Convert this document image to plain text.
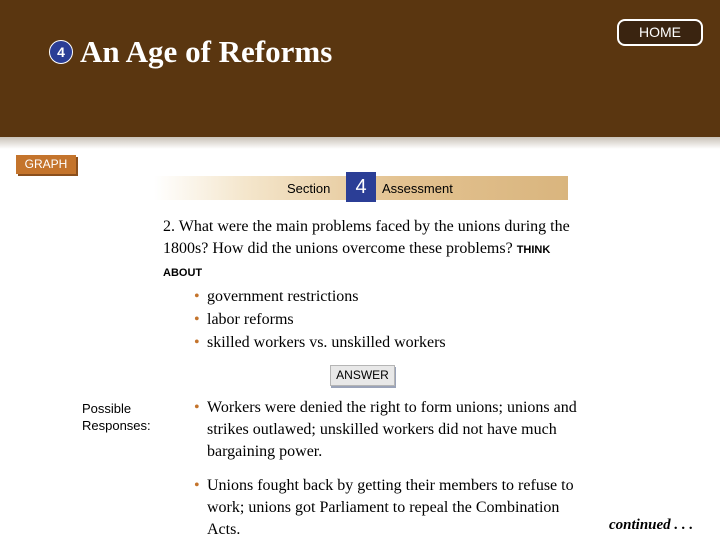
4 An Age of Reforms
HOME
GRAPH
Section	4	Assessment
2. What were the main problems faced by the unions during the 1800s? How did the unions overcome these problems? THINK ABOUT
• government restrictions
• labor reforms
• skilled workers vs. unskilled workers
ANSWER
Possible
Responses:
• Workers were denied the right to form unions; unions and strikes outlawed; unskilled workers did not have much bargaining power.
• Unions fought back by getting their members to refuse to work; unions got Parliament to repeal the Combination Acts.	continued . . .
